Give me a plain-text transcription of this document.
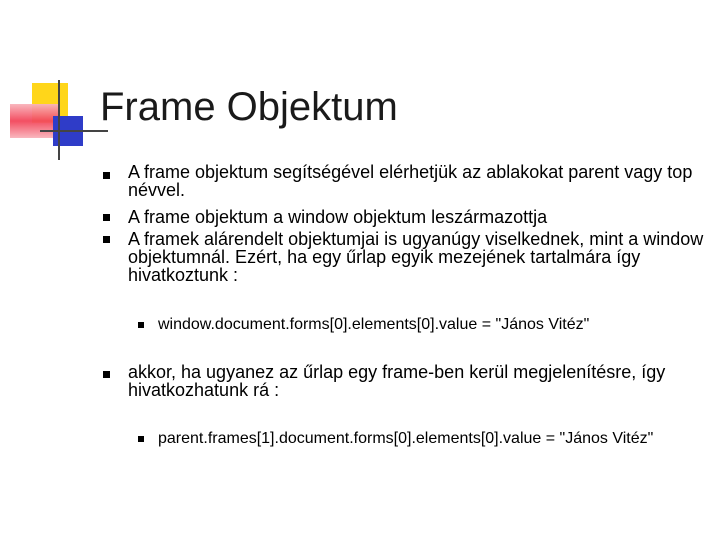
Frame Objektum
A frame objektum segítségével elérhetjük az ablakokat parent vagy top névvel.
A frame objektum a window objektum leszármazottja
A framek alárendelt objektumjai is ugyanúgy viselkednek, mint a window objektumnál. Ezért, ha egy űrlap egyik mezejének tartalmára így hivatkoztunk :
window.document.forms[0].elements[0].value = "János Vitéz"
akkor, ha ugyanez az űrlap egy frame-ben kerül megjelenítésre, így hivatkozhatunk rá :
parent.frames[1].document.forms[0].elements[0].value = "János Vitéz"
